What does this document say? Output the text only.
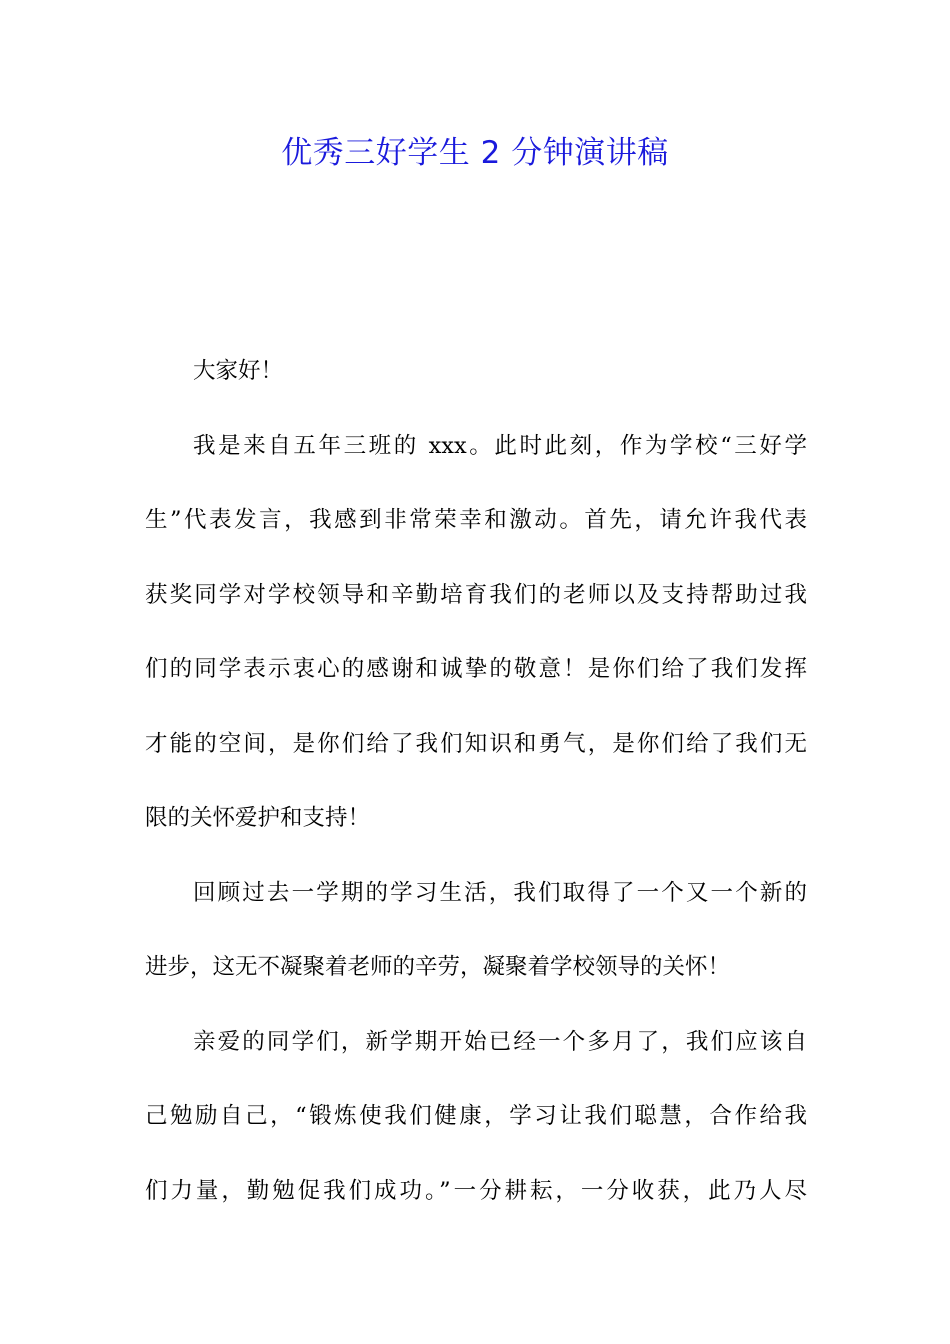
优秀三好学生 2 分钟演讲稿
大家好！
我是来自五年三班的 xxx。此时此刻，作为学校“三好学
生”代表发言，我感到非常荣幸和激动。首先，请允许我代表
获奖同学对学校领导和辛勤培育我们的老师以及支持帮助过我
们的同学表示衷心的感谢和诚挚的敬意！是你们给了我们发挥
才能的空间，是你们给了我们知识和勇气，是你们给了我们无
限的关怀爱护和支持！
回顾过去一学期的学习生活，我们取得了一个又一个新的
进步，这无不凝聚着老师的辛劳，凝聚着学校领导的关怀！
亲爱的同学们，新学期开始已经一个多月了，我们应该自
己勉励自己，“锻炼使我们健康，学习让我们聪慧，合作给我
们力量，勤勉促我们成功。”一分耕耘，一分收获，此乃人尽
